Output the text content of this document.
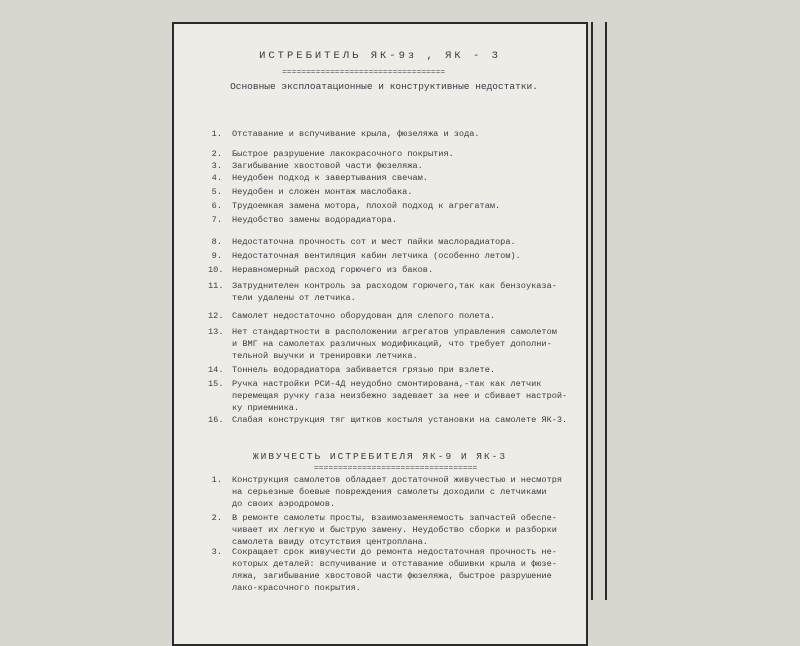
ИСТРЕБИТЕЛЬ ЯК-9з , ЯК - 3
==================================
Основные эксплоатационные и конструктивные недостатки.
1. Отставание и вспучивание крыла, фюзеляжа и зода.
2. Быстрое разрушение лакокрасочного покрытия.
3. Загибывание хвостовой части фюзеляжа.
4. Неудобен подход к завертывания свечам.
5. Неудобен и сложен монтаж маслобака.
6. Трудоемкая замена мотора, плохой подход к агрегатам.
7. Неудобство замены водорадиатора.
8. Недостаточна прочность сот и мест пайки маслорадиатора.
9. Недостаточная вентиляция кабин летчика (особенно летом).
10. Неравномерный расход горючего из баков.
11. Затруднителен контроль за расходом горючего,так как бензоуказа-
тели удалены от летчика.
12. Самолет недостаточно оборудован для слепого полета.
13. Нет стандартности в расположении агрегатов управления самолетом
и ВМГ на самолетах различных модификаций, что требует дополни-
тельной выучки и тренировки летчика.
14. Тоннель водорадиатора забивается грязью при взлете.
15. Ручка настройки РСИ-4Д неудобно смонтирована,-так как летчик
перемещая ручку газа неизбежно задевает за нее и сбивает настрой-
ку приемника.
16. Слабая конструкция тяг щитков костыля установки на самолете ЯК-3.
ЖИВУЧЕСТЬ ИСТРЕБИТЕЛЯ ЯК-9 И ЯК-3
==================================
1. Конструкция самолетов обладает достаточной живучестью и несмотря
на серьезные боевые повреждения самолеты доходили с летчиками
до своих аэродромов.
2. В ремонте самолеты просты, взаимозаменяемость запчастей обеспе-
чивает их легкую и быструю замену. Неудобство сборки и разборки
самолета ввиду отсутствия центроплана.
3. Сокращает срок живучести до ремонта недостаточная прочность не-
которых деталей: вспучивание и отставание обшивки крыла и фюзе-
ляжа, загибывание хвостовой части фюзеляжа, быстрое разрушение
лако-красочного покрытия.
